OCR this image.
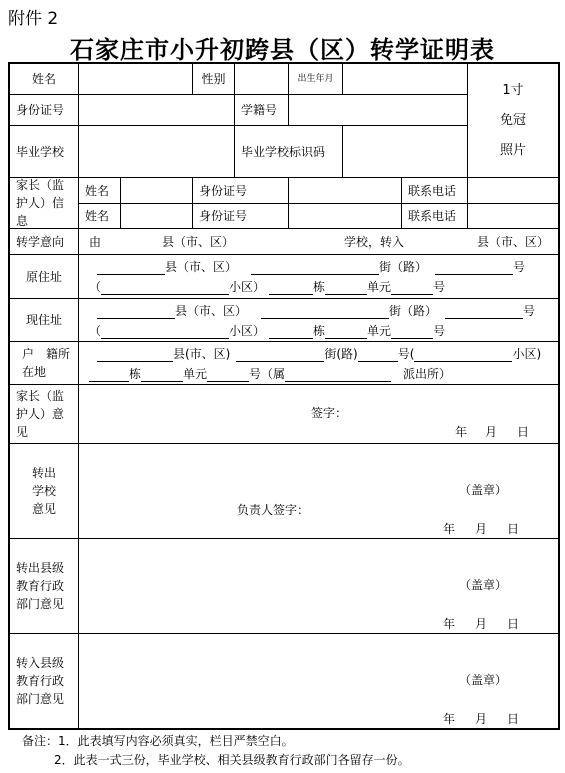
附件 2
石家庄市小升初跨县（区）转学证明表
姓名	性别	出生年月
1寸
免冠
照片
身份证号	学籍号
毕业学校	毕业学校标识码
家长（监护人）信息
姓名	身份证号	联系电话
姓名	身份证号	联系电话
转学意向	由	县（市、区）	学校，转入	县（市、区）
原住址
县（市、区）	街（路）	号
（	小区）	栋	单元	号
现住址
县（市、区）	街（路）	号
（	小区）	栋	单元	号
户　籍所在地
县(市、区)	街(路)	号(	小区)
栋	单元	号（属	派出所）
家长（监护人）意见
签字：
年 月 日
转出学校意见
（盖章）
负责人签字：
年 月 日
转出县级教育行政部门意见
（盖章）
年 月 日
转入县级教育行政部门意见
（盖章）
年 月 日
备注：1．此表填写内容必须真实，栏目严禁空白。
2．此表一式三份，毕业学校、相关县级教育行政部门各留存一份。
